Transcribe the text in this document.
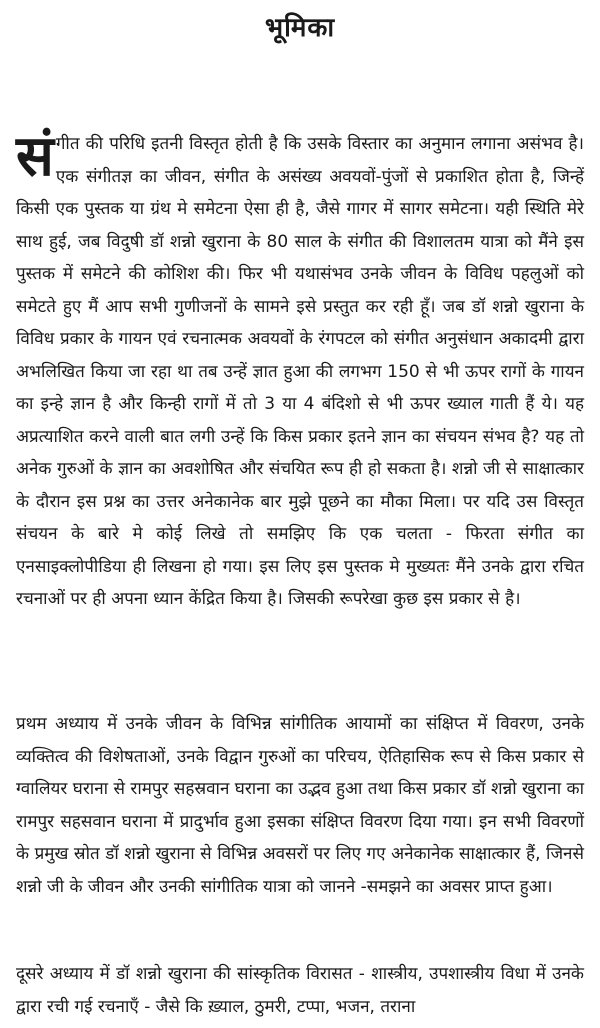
भूमिका

संगीत की परिधि इतनी विस्तृत होती है कि उसके विस्तार का अनुमान लगाना असंभव है। एक संगीतज्ञ का जीवन, संगीत के असंख्य अवयवों-पुंजों से प्रकाशित होता है, जिन्हें किसी एक पुस्तक या ग्रंथ मे समेटना ऐसा ही है, जैसे गागर में सागर समेटना। यही स्थिति मेरे साथ हुई, जब विदुषी डॉ शन्नो खुराना के 80 साल के संगीत की विशालतम यात्रा को मैंने इस पुस्तक में समेटने की कोशिश की। फिर भी यथासंभव उनके जीवन के विविध पहलुओं को समेटते हुए मैं आप सभी गुणीजनों के सामने इसे प्रस्तुत कर रही हूँ। जब डॉ शन्नो खुराना के विविध प्रकार के गायन एवं रचनात्मक अवयवों के रंगपटल को संगीत अनुसंधान अकादमी द्वारा अभलिखित किया जा रहा था तब उन्हें ज्ञात हुआ की लगभग 150 से भी ऊपर रागों के गायन का इन्हे ज्ञान है और किन्ही रागों में तो 3 या 4 बंदिशो से भी ऊपर ख्याल गाती हैं ये। यह अप्रत्याशित करने वाली बात लगी उन्हें कि किस प्रकार इतने ज्ञान का संचयन संभव है? यह तो अनेक गुरुओं के ज्ञान का अवशोषित और संचयित रूप ही हो सकता है। शन्नो जी से साक्षात्कार के दौरान इस प्रश्न का उत्तर अनेकानेक बार मुझे पूछने का मौका मिला। पर यदि उस विस्तृत संचयन के बारे मे कोई लिखे तो समझिए कि एक चलता - फिरता संगीत का एनसाइक्लोपीडिया ही लिखना हो गया। इस लिए इस पुस्तक मे मुख्यतः मैंने उनके द्वारा रचित रचनाओं पर ही अपना ध्यान केंद्रित किया है। जिसकी रूपरेखा कुछ इस प्रकार से है।

प्रथम अध्याय में उनके जीवन के विभिन्न सांगीतिक आयामों का संक्षिप्त में विवरण, उनके व्यक्तित्व की विशेषताओं, उनके विद्वान गुरुओं का परिचय, ऐतिहासिक रूप से किस प्रकार से ग्वालियर घराना से रामपुर सहस्रवान घराना का उद्भव हुआ तथा किस प्रकार डॉ शन्नो खुराना का रामपुर सहसवान घराना में प्रादुर्भाव हुआ इसका संक्षिप्त विवरण दिया गया। इन सभी विवरणों के प्रमुख स्रोत डॉ शन्नो खुराना से विभिन्न अवसरों पर लिए गए अनेकानेक साक्षात्कार हैं, जिनसे शन्नो जी के जीवन और उनकी सांगीतिक यात्रा को जानने -समझने का अवसर प्राप्त हुआ।

दूसरे अध्याय में डॉ शन्नो खुराना की सांस्कृतिक विरासत - शास्त्रीय, उपशास्त्रीय विधा में उनके द्वारा रची गई रचनाएँ - जैसे कि ख़्याल, ठुमरी, टप्पा, भजन, तराना
